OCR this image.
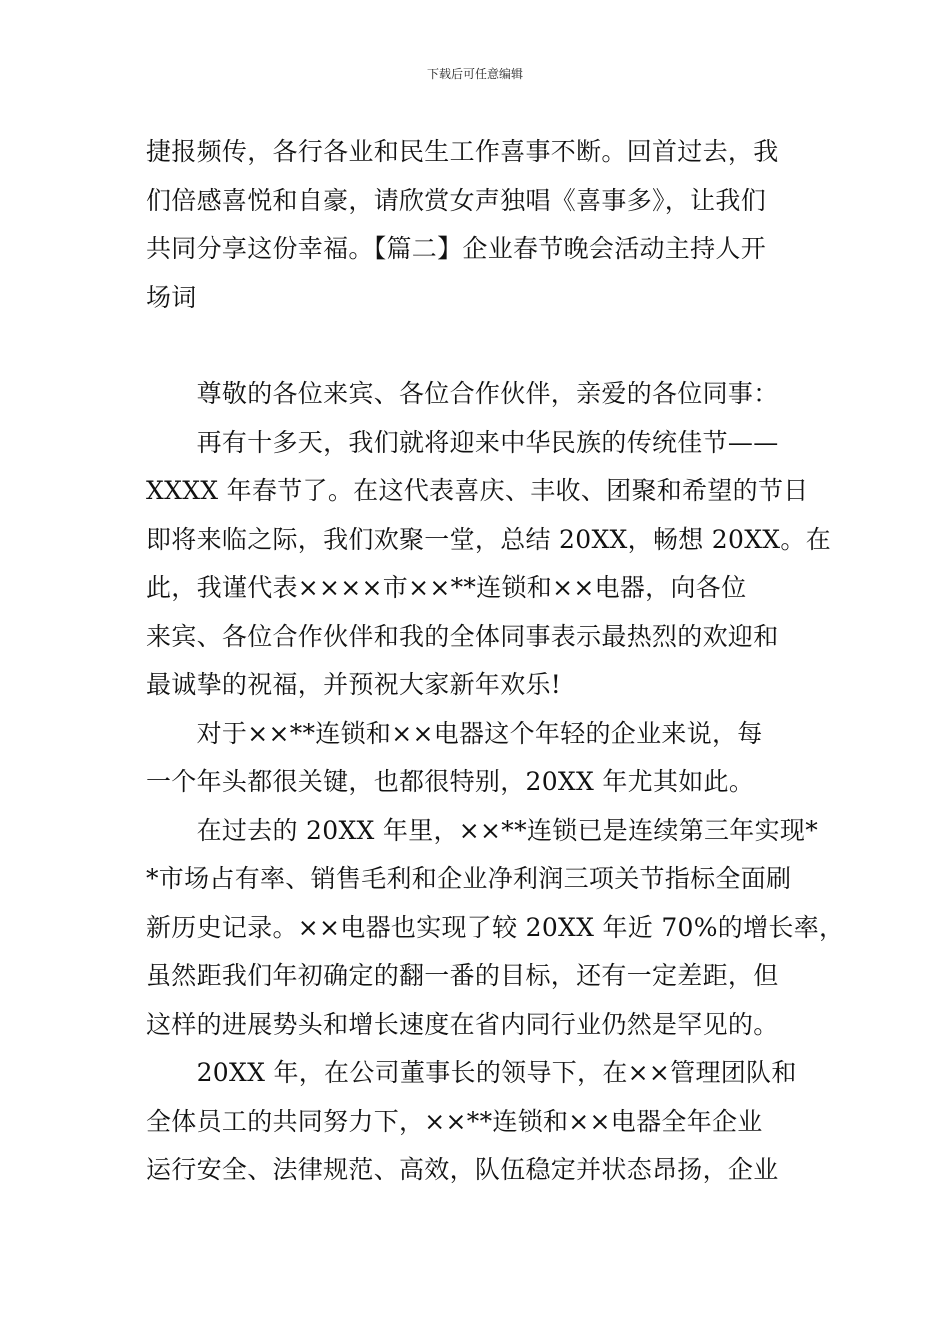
下载后可任意编辑
捷报频传，各行各业和民生工作喜事不断。回首过去，我
们倍感喜悦和自豪，请欣赏女声独唱《喜事多》，让我们
共同分享这份幸福。【篇二】企业春节晚会活动主持人开
场词
　　尊敬的各位来宾、各位合作伙伴，亲爱的各位同事：
　　再有十多天，我们就将迎来中华民族的传统佳节——
XXXX 年春节了。在这代表喜庆、丰收、团聚和希望的节日
即将来临之际，我们欢聚一堂，总结 20XX，畅想 20XX。在
此，我谨代表××××市××**连锁和××电器，向各位
来宾、各位合作伙伴和我的全体同事表示最热烈的欢迎和
最诚挚的祝福，并预祝大家新年欢乐!
　　对于××**连锁和××电器这个年轻的企业来说，每
一个年头都很关键，也都很特别，20XX 年尤其如此。
　　在过去的 20XX 年里，××**连锁已是连续第三年实现*
*市场占有率、销售毛利和企业净利润三项关节指标全面刷
新历史记录。××电器也实现了较 20XX 年近 70%的增长率，
虽然距我们年初确定的翻一番的目标，还有一定差距，但
这样的进展势头和增长速度在省内同行业仍然是罕见的。
　　20XX 年，在公司董事长的领导下，在××管理团队和
全体员工的共同努力下，××**连锁和××电器全年企业
运行安全、法律规范、高效，队伍稳定并状态昂扬，企业
